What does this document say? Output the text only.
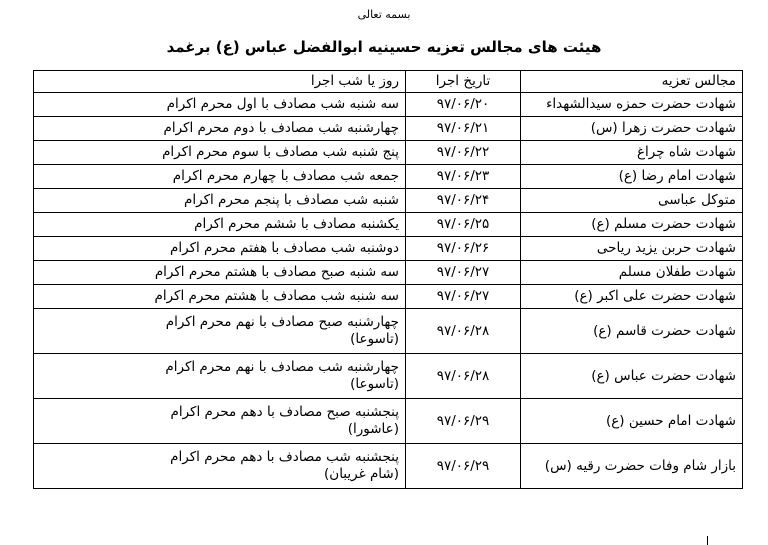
بسمه تعالی
هیئت های مجالس تعزیه حسینیه ابوالفضل عباس (ع) برغمد
مجالس تعزیه	تاریخ اجرا	روز یا شب اجرا
شهادت حضرت حمزه سیدالشهداء	۹۷/۰۶/۲۰	سه شنبه شب مصادف با اول محرم اکرام

شهادت حضرت زهرا (س)	۹۷/۰۶/۲۱	چهارشنبه شب مصادف با دوم محرم اکرام

شهادت شاه چراغ	۹۷/۰۶/۲۲	پنج شنبه شب مصادف با سوم محرم اکرام

شهادت امام رضا (ع)	۹۷/۰۶/۲۳	جمعه شب مصادف با چهارم محرم اکرام

متوکل عباسی	۹۷/۰۶/۲۴	شنبه شب مصادف با پنجم محرم اکرام

شهادت حضرت مسلم (ع)	۹۷/۰۶/۲۵	یکشنبه مصادف با ششم محرم اکرام

شهادت حربن یزید ریاحی	۹۷/۰۶/۲۶	دوشنبه شب مصادف با هفتم محرم اکرام

شهادت طفلان مسلم	۹۷/۰۶/۲۷	سه شنبه صبح مصادف با هشتم محرم اکرام

شهادت حضرت علی اکبر (ع)	۹۷/۰۶/۲۷	سه شنبه شب مصادف با هشتم محرم اکرام

شهادت حضرت قاسم (ع)	۹۷/۰۶/۲۸	چهارشنبه صبح مصادف با نهم محرم اکرام
(تاسوعا)

شهادت حضرت عباس (ع)	۹۷/۰۶/۲۸	چهارشنبه شب مصادف با نهم محرم اکرام
(تاسوعا)

شهادت امام حسین (ع)	۹۷/۰۶/۲۹	پنجشنبه صبح مصادف با دهم محرم اکرام
(عاشورا)

بازار شام وفات حضرت رقیه (س)	۹۷/۰۶/۲۹	پنجشنبه شب مصادف با دهم محرم اکرام
(شام غریبان)
